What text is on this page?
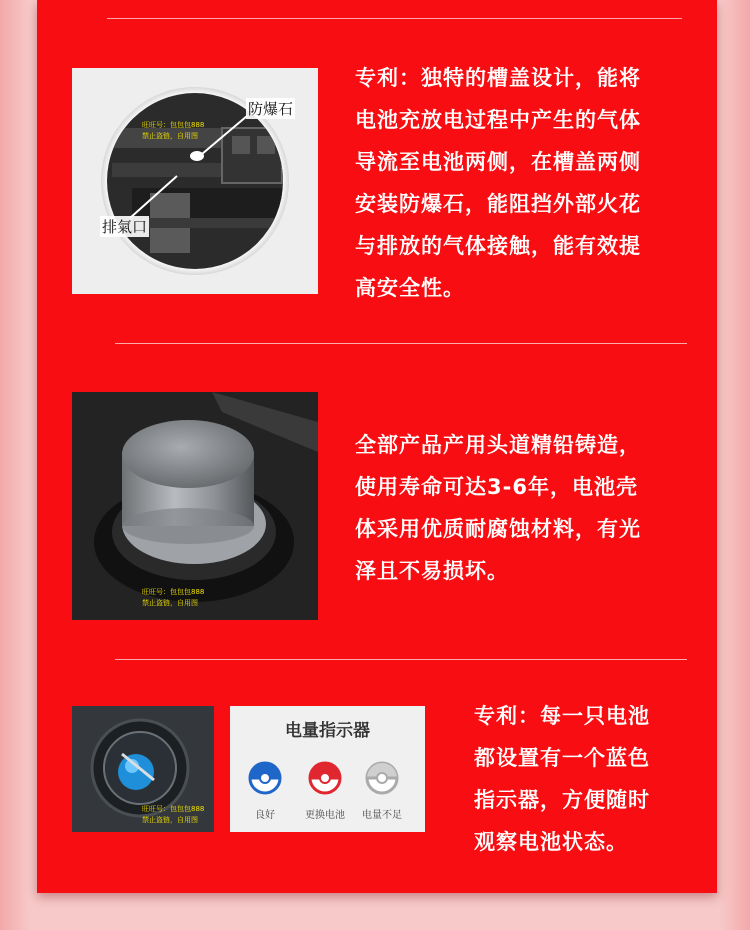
防爆石
排氣口
旺旺号：包包包888
禁止盗链，自用图
专利：独特的槽盖设计，能将
电池充放电过程中产生的气体
导流至电池两侧，在槽盖两侧
安装防爆石，能阻挡外部火花
与排放的气体接触，能有效提
高安全性。
旺旺号：包包包888
禁止盗链，自用图
全部产品产用头道精铅铸造，
使用寿命可达3-6年，电池壳
体采用优质耐腐蚀材料，有光
泽且不易损坏。
旺旺号：包包包888
禁止盗链，自用图
电量指示器
良好	更换电池	电量不足
专利：每一只电池
都设置有一个蓝色
指示器，方便随时
观察电池状态。
